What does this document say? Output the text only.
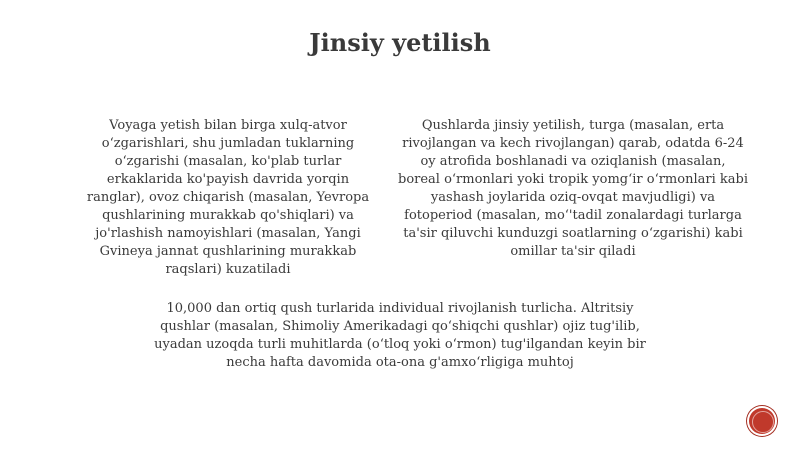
Jinsiy yetilish
Voyaga yetish bilan birga xulq-atvor o‘zgarishlari, shu jumladan tuklarning o‘zgarishi (masalan, ko'plab turlar erkaklarida ko'payish davrida yorqin ranglar), ovoz chiqarish (masalan, Yevropa qushlarining murakkab qo'shiqlari) va jo'rlashish namoyishlari (masalan, Yangi Gvineya jannat qushlarining murakkab raqslari) kuzatiladi
Qushlarda jinsiy yetilish, turga (masalan, erta rivojlangan va kech rivojlangan) qarab, odatda 6-24 oy atrofida boshlanadi va oziqlanish (masalan, boreal o‘rmonlari yoki tropik yomg‘ir o‘rmonlari kabi yashash joylarida oziq-ovqat mavjudligi) va fotoperiod (masalan, mo‘'tadil zonalardagi turlarga ta'sir qiluvchi kunduzgi soatlarning o‘zgarishi) kabi omillar ta'sir qiladi
10,000 dan ortiq qush turlarida individual rivojlanish turlicha. Altritsiy qushlar (masalan, Shimoliy Amerikadagi qo‘shiqchi qushlar) ojiz tug'ilib, uyadan uzoqda turli muhitlarda (o‘tloq yoki o‘rmon) tug'ilgandan keyin bir necha hafta davomida ota-ona g'amxo‘rligiga muhtoj
